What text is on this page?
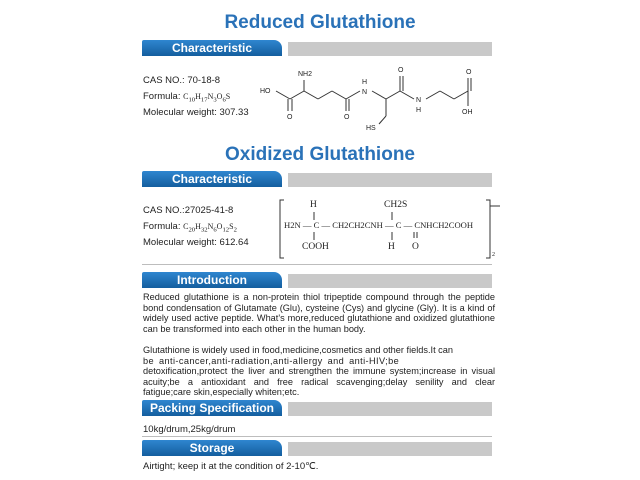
Reduced Glutathione
Characteristic
CAS NO.: 70-18-8
Formula: $C_{10}H_{17}N_3O_6S$
Molecular weight: 307.33
NH2
HO
O	O
H
N
N
H
O	O
OH
HS
Oxidized Glutathione
Characteristic
CAS NO.:27025-41-8
Formula: $C_{20}H_{32}N_6O_{12}S_2$
Molecular weight: 612.64
H	CH2S
H2N — C — CH2CH2CNH — C — CNHCH2COOH
COOH	H O
2
Introduction

Reduced glutathione is a non-protein thiol tripeptide compound through the peptide bond condensation of Glutamate (Glu), cysteine (Cys) and glycine (Gly). It is a kind of widely used active peptide. What's more,reduced glutathione and oxidized glutathione can be transformed into each other in the human body.

Glutathione is widely used in food,medicine,cosmetics and other fields.It can

be anti-cancer,anti-radiation,anti-allergy and anti-HIV;be

detoxification,protect the liver and strengthen the immune system;increase in visual acuity;be a antioxidant and free radical scavenging;delay senility and clear fatigue;care skin,especially whiten;etc.

Packing Specification
10kg/drum,25kg/drum
Storage
Airtight; keep it at the condition of 2-10℃.
